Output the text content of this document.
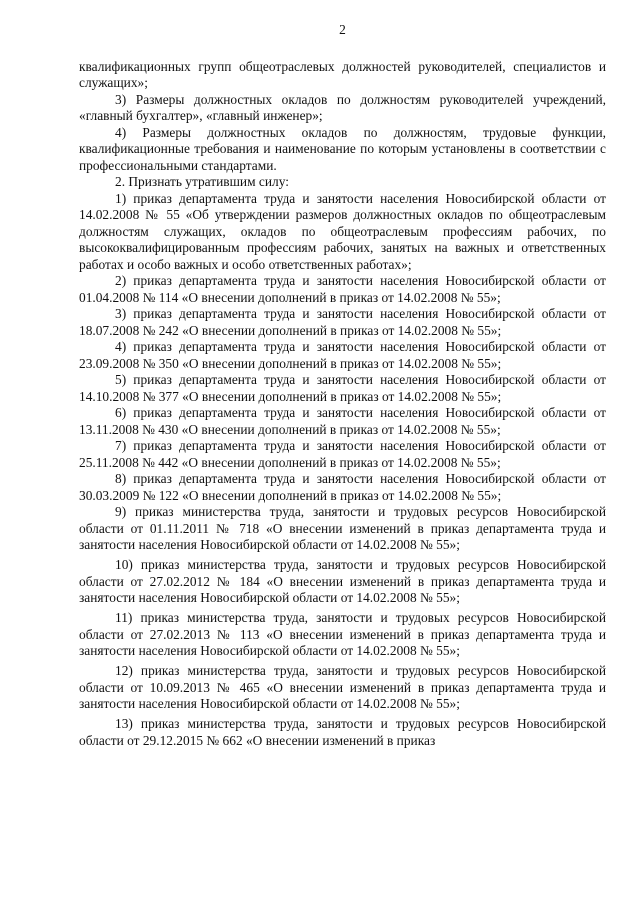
2

квалификационных групп общеотраслевых должностей руководителей, специалистов и служащих»;

3) Размеры должностных окладов по должностям руководителей учреждений, «главный бухгалтер», «главный инженер»;

4) Размеры должностных окладов по должностям, трудовые функции, квалификационные требования и наименование по которым установлены в соответствии с профессиональными стандартами.

2. Признать утратившим силу:

1) приказ департамента труда и занятости населения Новосибирской области от 14.02.2008 № 55 «Об утверждении размеров должностных окладов по общеотраслевым должностям служащих, окладов по общеотраслевым профессиям рабочих, по высококвалифицированным профессиям рабочих, занятых на важных и ответственных работах и особо важных и особо ответственных работах»;

2) приказ департамента труда и занятости населения Новосибирской области от 01.04.2008 № 114 «О внесении дополнений в приказ от 14.02.2008 № 55»;

3) приказ департамента труда и занятости населения Новосибирской области от 18.07.2008 № 242 «О внесении дополнений в приказ от 14.02.2008 № 55»;

4) приказ департамента труда и занятости населения Новосибирской области от 23.09.2008 № 350 «О внесении дополнений в приказ от 14.02.2008 № 55»;

5) приказ департамента труда и занятости населения Новосибирской области от 14.10.2008 № 377 «О внесении дополнений в приказ от 14.02.2008 № 55»;

6) приказ департамента труда и занятости населения Новосибирской области от 13.11.2008 № 430 «О внесении дополнений в приказ от 14.02.2008 № 55»;

7) приказ департамента труда и занятости населения Новосибирской области от 25.11.2008 № 442 «О внесении дополнений в приказ от 14.02.2008 № 55»;

8) приказ департамента труда и занятости населения Новосибирской области от 30.03.2009 № 122 «О внесении дополнений в приказ от 14.02.2008 № 55»;

9) приказ министерства труда, занятости и трудовых ресурсов Новосибирской области от 01.11.2011 № 718 «О внесении изменений в приказ департамента труда и занятости населения Новосибирской области от 14.02.2008 № 55»;

10) приказ министерства труда, занятости и трудовых ресурсов Новосибирской области от 27.02.2012 № 184 «О внесении изменений в приказ департамента труда и занятости населения Новосибирской области от 14.02.2008 № 55»;

11) приказ министерства труда, занятости и трудовых ресурсов Новосибирской области от 27.02.2013 № 113 «О внесении изменений в приказ департамента труда и занятости населения Новосибирской области от 14.02.2008 № 55»;

12) приказ министерства труда, занятости и трудовых ресурсов Новосибирской области от 10.09.2013 № 465 «О внесении изменений в приказ департамента труда и занятости населения Новосибирской области от 14.02.2008 № 55»;

13) приказ министерства труда, занятости и трудовых ресурсов Новосибирской области от 29.12.2015 № 662 «О внесении изменений в приказ
